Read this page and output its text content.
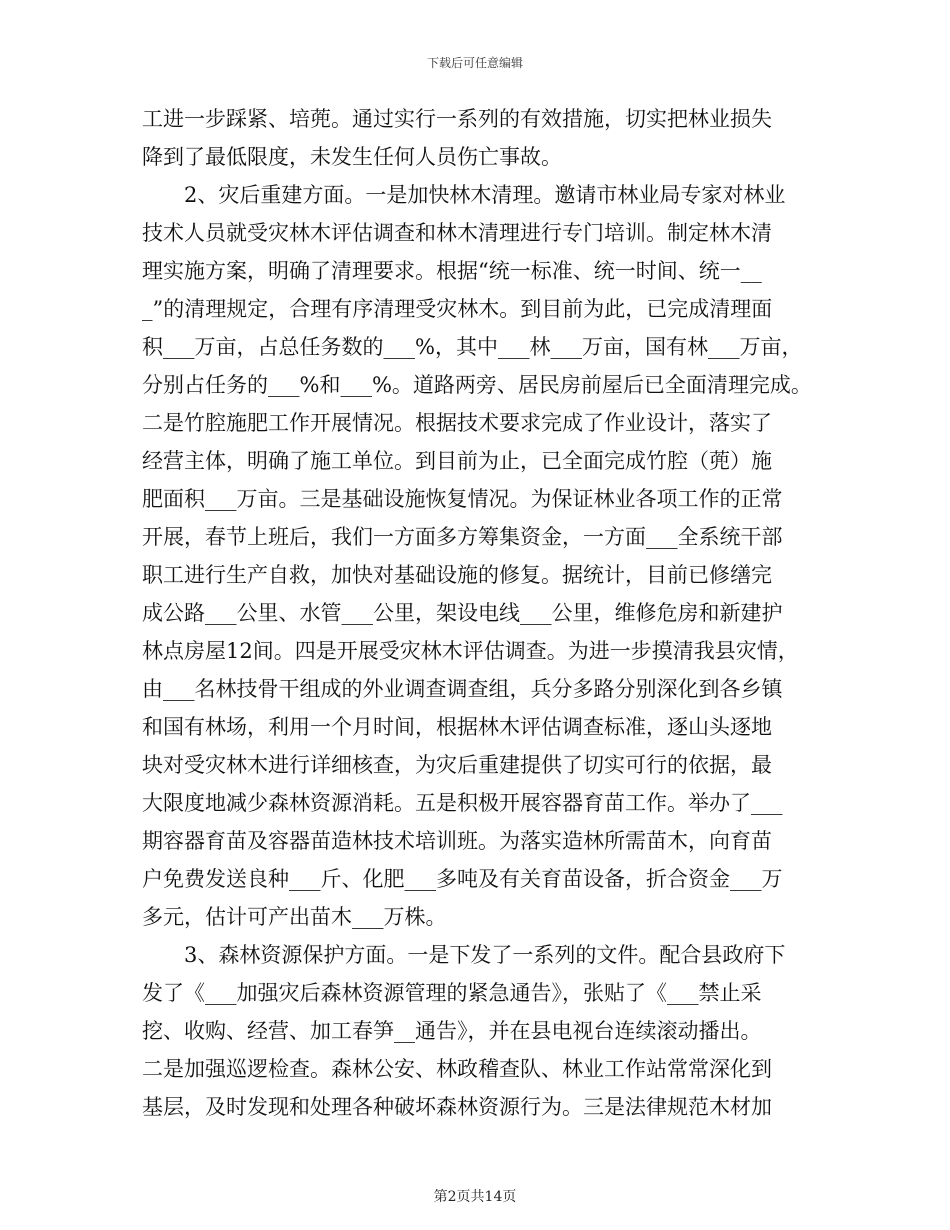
下载后可任意编辑
工进一步踩紧、培蔸。通过实行一系列的有效措施，切实把林业损失
降到了最低限度，未发生任何人员伤亡事故。
　　2、灾后重建方面。一是加快林木清理。邀请市林业局专家对林业
技术人员就受灾林木评估调查和林木清理进行专门培训。制定林木清
理实施方案，明确了清理要求。根据“统一标准、统一时间、统一__
_”的清理规定，合理有序清理受灾林木。到目前为此，已完成清理面
积___万亩，占总任务数的___%，其中___林___万亩，国有林___万亩，
分别占任务的___%和___%。道路两旁、居民房前屋后已全面清理完成。
二是竹腔施肥工作开展情况。根据技术要求完成了作业设计，落实了
经营主体，明确了施工单位。到目前为止，已全面完成竹腔（蔸）施
肥面积___万亩。三是基础设施恢复情况。为保证林业各项工作的正常
开展，春节上班后，我们一方面多方筹集资金，一方面___全系统干部
职工进行生产自救，加快对基础设施的修复。据统计，目前已修缮完
成公路___公里、水管___公里，架设电线___公里，维修危房和新建护
林点房屋12间。四是开展受灾林木评估调查。为进一步摸清我县灾情，
由___名林技骨干组成的外业调查调查组，兵分多路分别深化到各乡镇
和国有林场，利用一个月时间，根据林木评估调查标准，逐山头逐地
块对受灾林木进行详细核查，为灾后重建提供了切实可行的依据，最
大限度地减少森林资源消耗。五是积极开展容器育苗工作。举办了___
期容器育苗及容器苗造林技术培训班。为落实造林所需苗木，向育苗
户免费发送良种___斤、化肥___多吨及有关育苗设备，折合资金___万
多元，估计可产出苗木___万株。
　　3、森林资源保护方面。一是下发了一系列的文件。配合县政府下
发了《___加强灾后森林资源管理的紧急通告》，张贴了《___禁止采
挖、收购、经营、加工春笋__通告》，并在县电视台连续滚动播出。
二是加强巡逻检查。森林公安、林政稽查队、林业工作站常常深化到
基层，及时发现和处理各种破坏森林资源行为。三是法律规范木材加
第2页共14页
